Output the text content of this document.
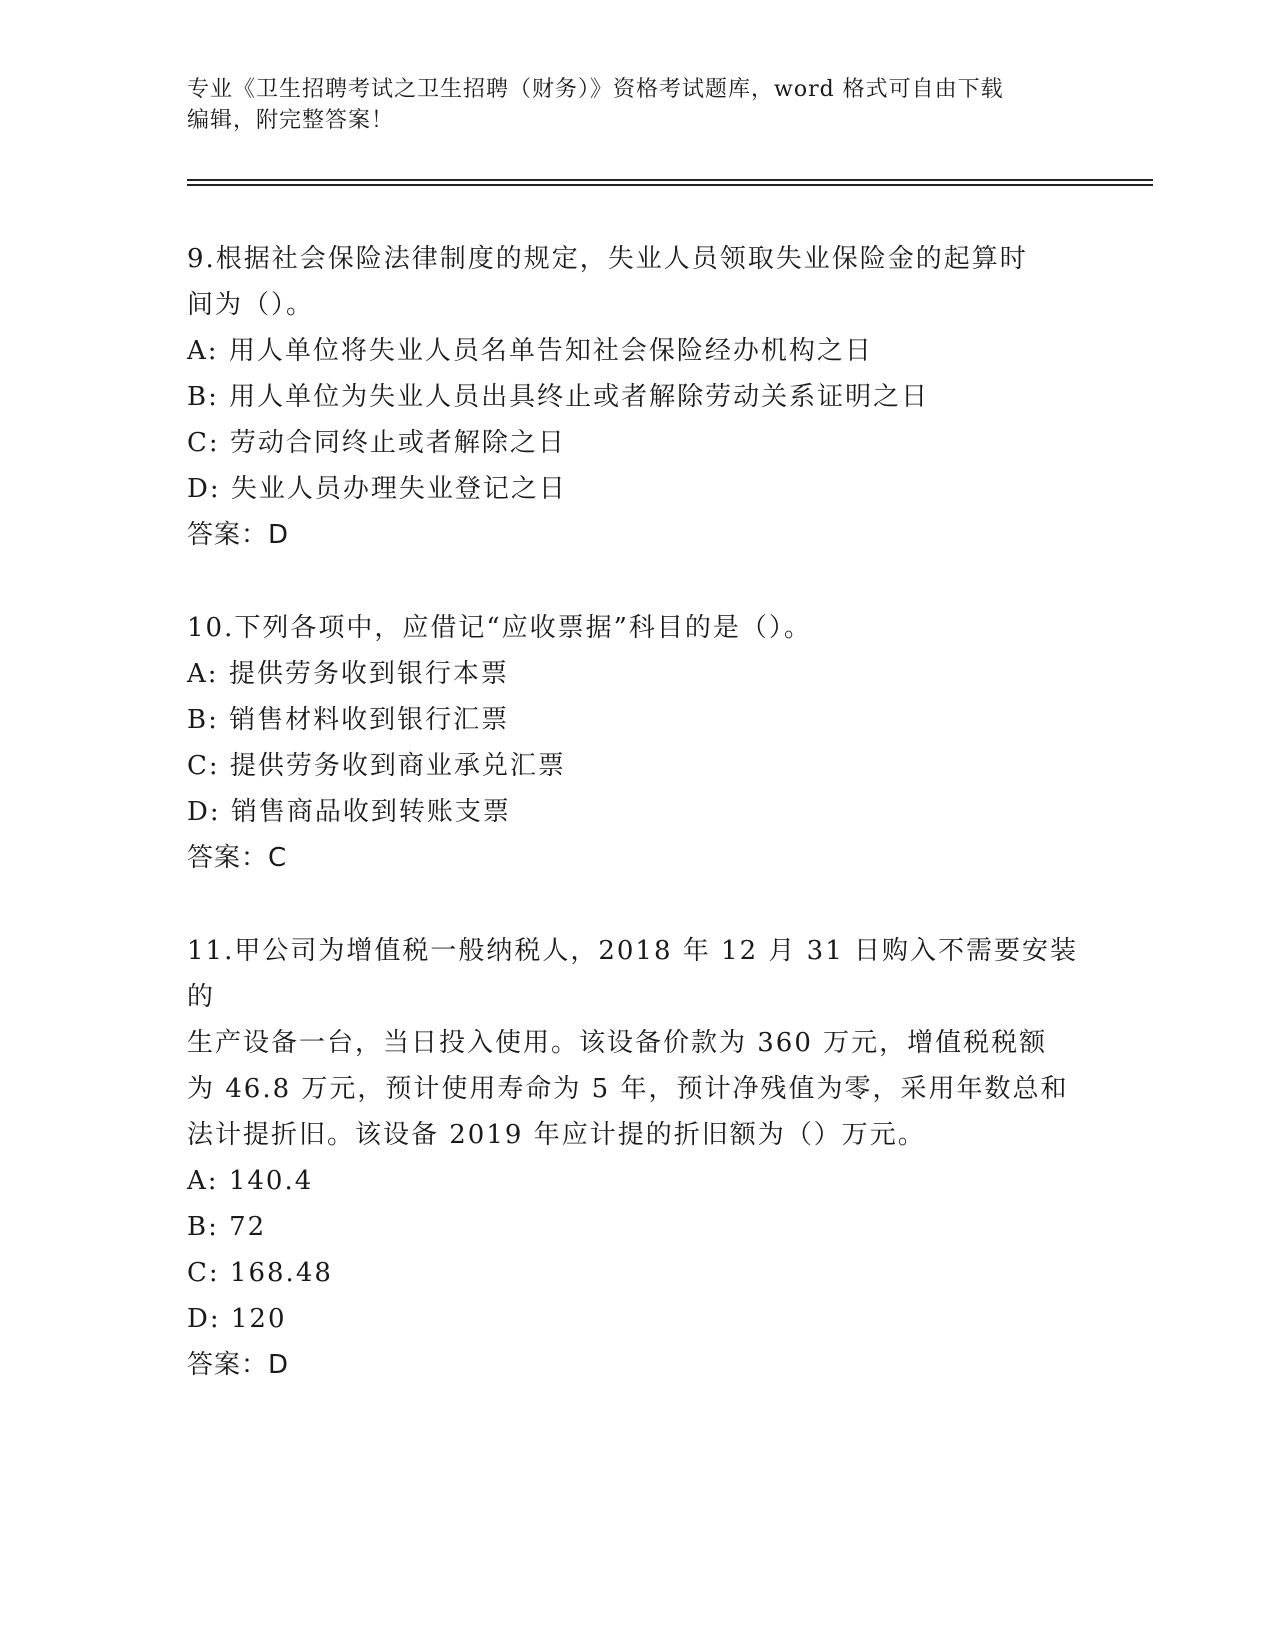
专业《卫生招聘考试之卫生招聘（财务）》资格考试题库，word 格式可自由下载
编辑，附完整答案！
9.根据社会保险法律制度的规定，失业人员领取失业保险金的起算时
间为（）。
A: 用人单位将失业人员名单告知社会保险经办机构之日
B: 用人单位为失业人员出具终止或者解除劳动关系证明之日
C: 劳动合同终止或者解除之日
D: 失业人员办理失业登记之日
答案：D
10.下列各项中，应借记“应收票据”科目的是（）。
A: 提供劳务收到银行本票
B: 销售材料收到银行汇票
C: 提供劳务收到商业承兑汇票
D: 销售商品收到转账支票
答案：C
11.甲公司为增值税一般纳税人，2018 年 12 月 31 日购入不需要安装的
生产设备一台，当日投入使用。该设备价款为 360 万元，增值税税额
为 46.8 万元，预计使用寿命为 5 年，预计净残值为零，采用年数总和
法计提折旧。该设备 2019 年应计提的折旧额为（）万元。
A: 140.4
B: 72
C: 168.48
D: 120
答案：D
